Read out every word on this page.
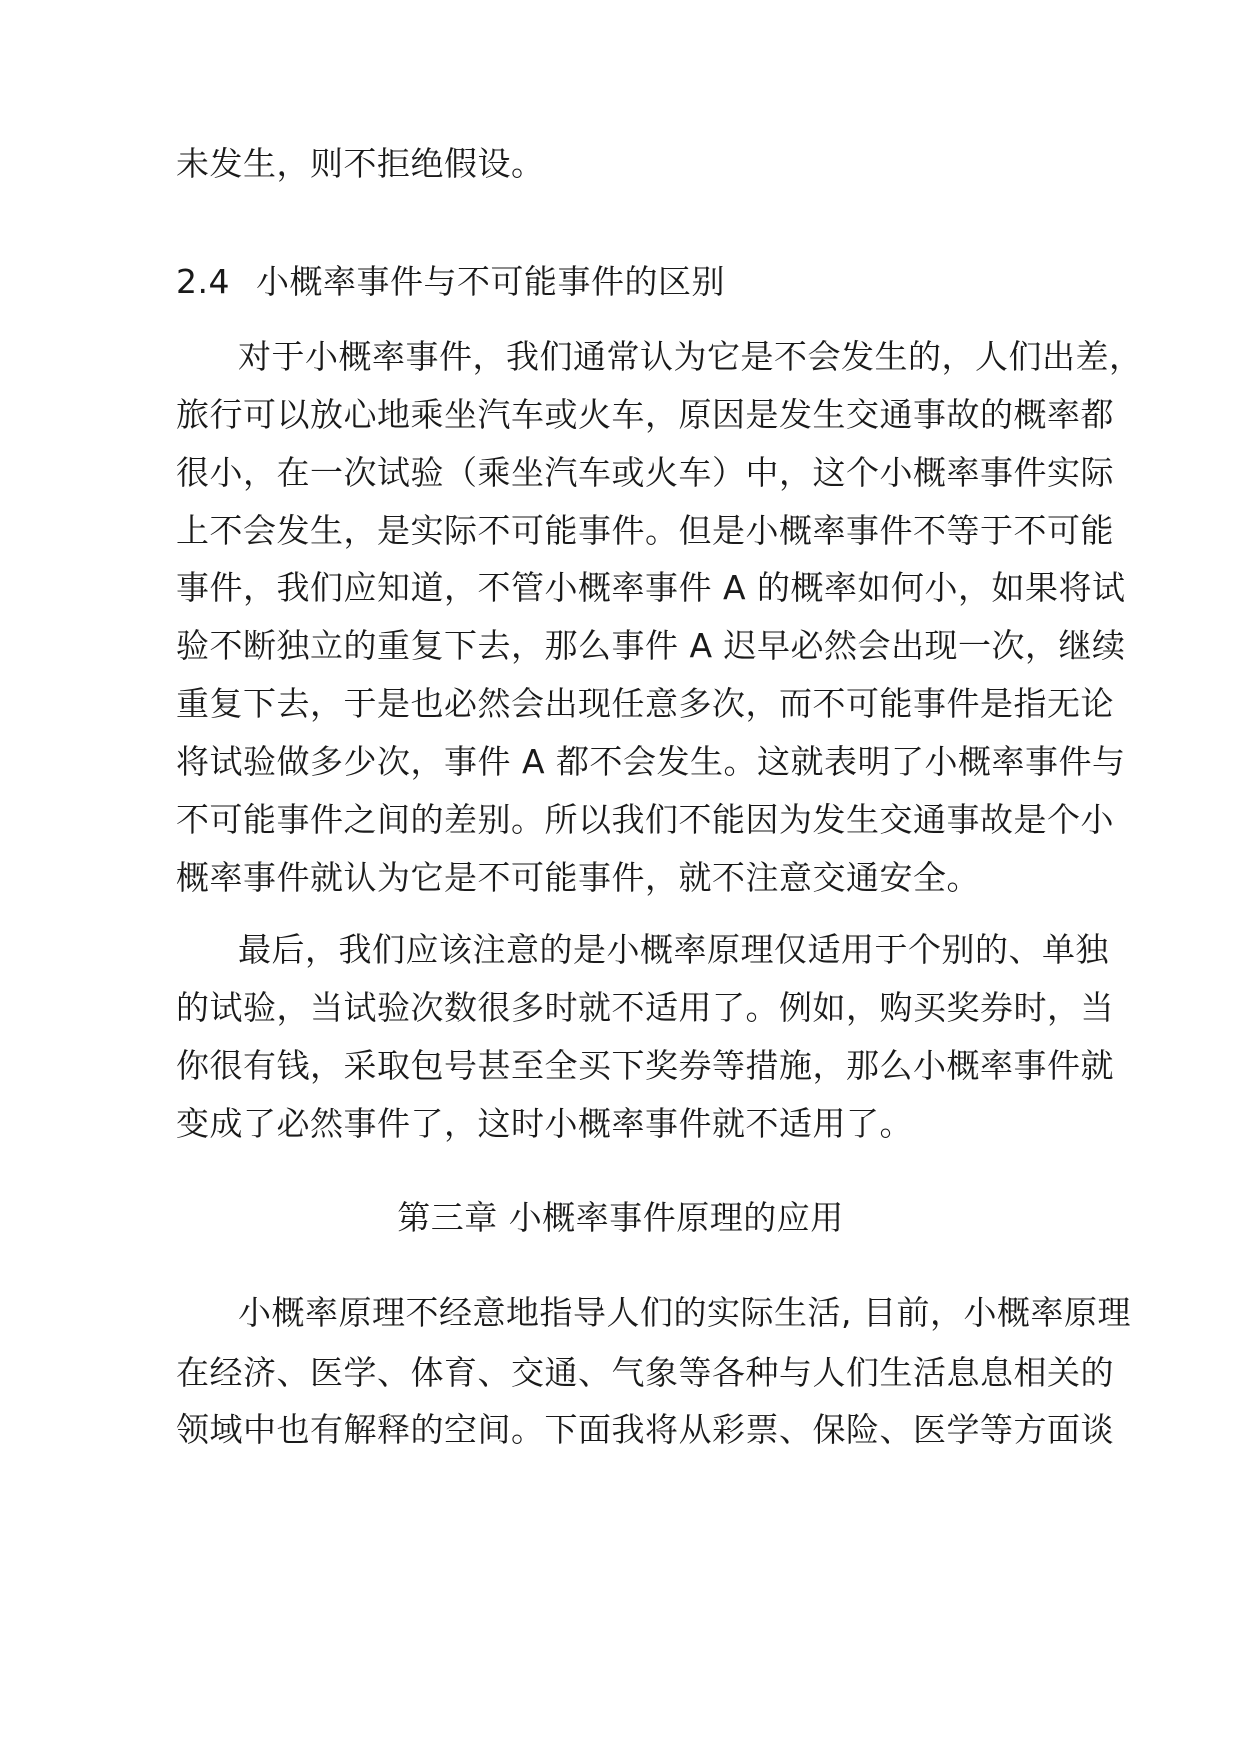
未发生，则不拒绝假设。
2.4 小概率事件与不可能事件的区别
对于小概率事件，我们通常认为它是不会发生的，人们出差，
旅行可以放心地乘坐汽车或火车，原因是发生交通事故的概率都
很小，在一次试验（乘坐汽车或火车）中，这个小概率事件实际
上不会发生，是实际不可能事件。但是小概率事件不等于不可能
事件，我们应知道，不管小概率事件 A 的概率如何小，如果将试
验不断独立的重复下去，那么事件 A 迟早必然会出现一次，继续
重复下去，于是也必然会出现任意多次，而不可能事件是指无论
将试验做多少次，事件 A 都不会发生。这就表明了小概率事件与
不可能事件之间的差别。所以我们不能因为发生交通事故是个小
概率事件就认为它是不可能事件，就不注意交通安全。
最后，我们应该注意的是小概率原理仅适用于个别的、单独
的试验，当试验次数很多时就不适用了。例如，购买奖券时，当
你很有钱，采取包号甚至全买下奖券等措施，那么小概率事件就
变成了必然事件了，这时小概率事件就不适用了。
第三章 小概率事件原理的应用
小概率原理不经意地指导人们的实际生活, 目前，小概率原理
在经济、医学、体育、交通、气象等各种与人们生活息息相关的
领域中也有解释的空间。下面我将从彩票、保险、医学等方面谈
